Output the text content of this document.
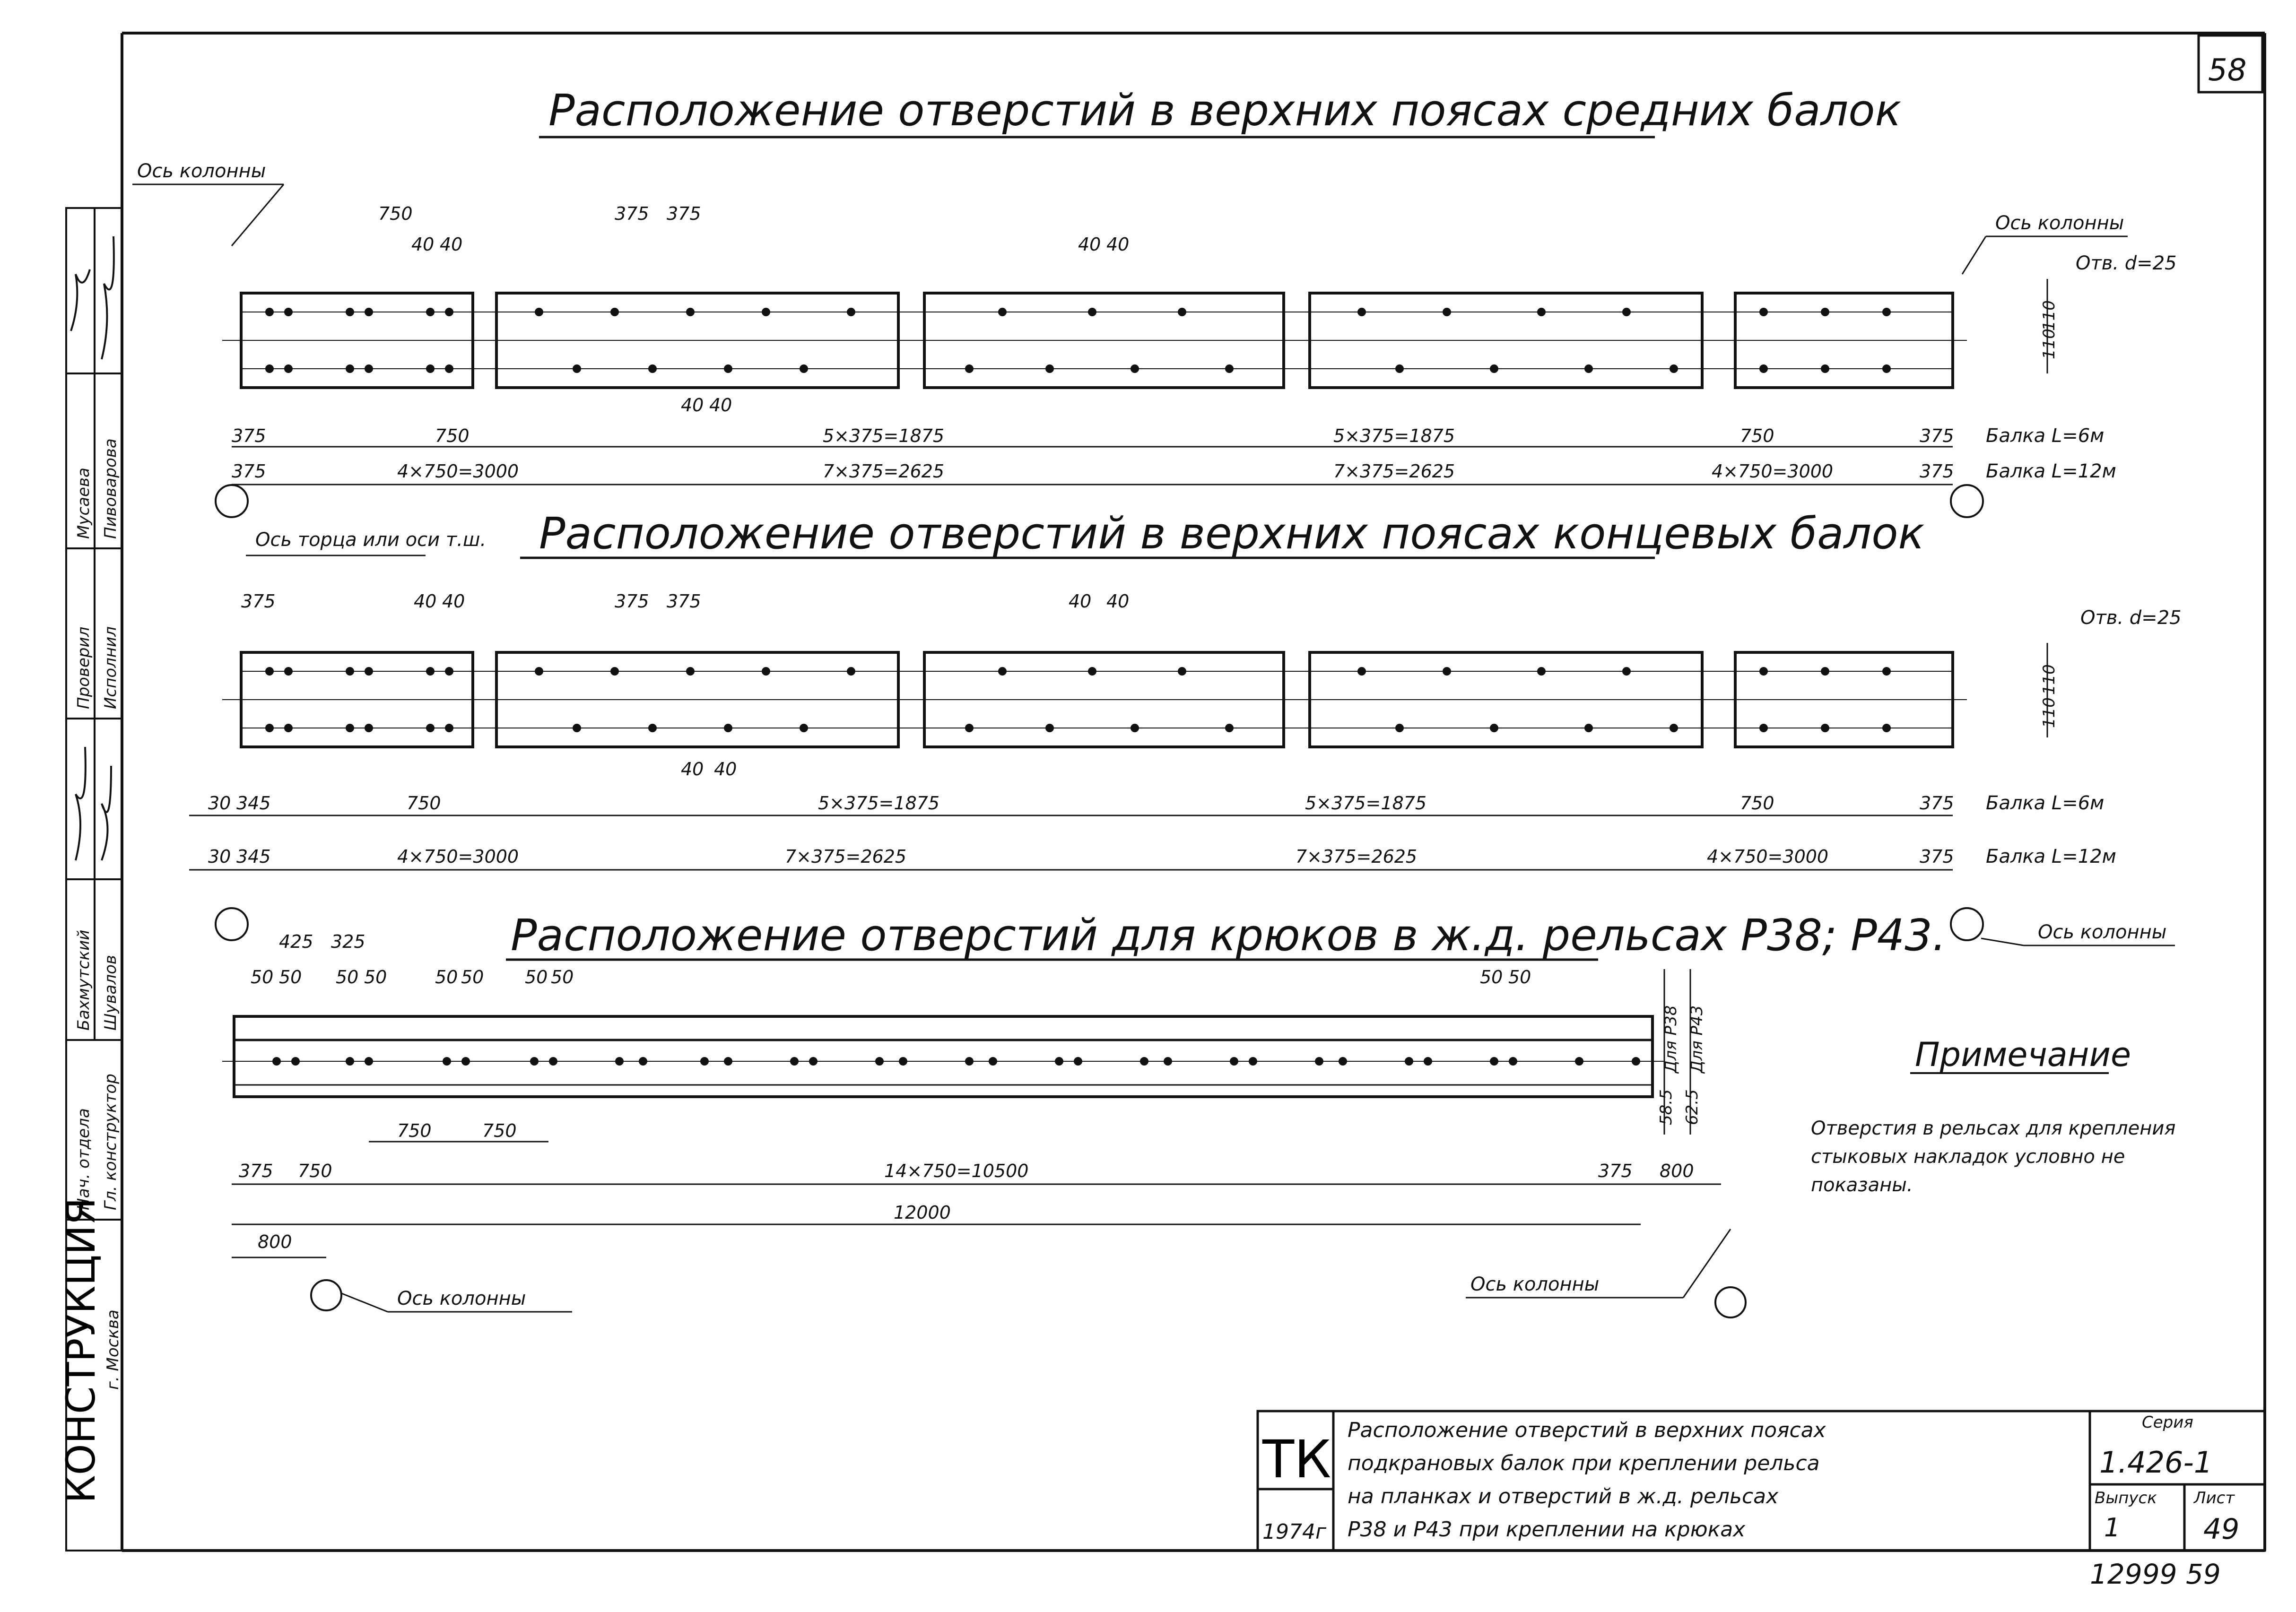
58
Нач. отдела Гл. конструктор
Бахмутский Шувалов
Проверил Исполнил
Мусаева Пивоварова
КОНСТРУКЦИЯ г. Москва
Расположение отверстий в верхних поясах средних балок
Ось колонны
Ось колонны
Отв. d=25
750
40 40
375 375
40 40
40 40
110
110
375	750	5×375=1875	5×375=1875	750	375 Балка L=6м
375	4×750=3000	7×375=2625	7×375=2625	4×750=3000	375 Балка L=12м
Расположение отверстий в верхних поясах концевых балок
Ось торца или оси т.ш.
Отв. d=25
375	40 40	375 375	40 40
40 40
110
110
30 345	750	5×375=1875	5×375=1875	750	375 Балка L=6м
30 345	4×750=3000	7×375=2625	7×375=2625	4×750=3000	375 Балка L=12м
Ось колонны
Расположение отверстий для крюков в ж.д. рельсах Р38; Р43.
425 325
50 50 50 50	50 50 50 50	50 50
Для Р38 Для Р43
58.5 62.5
750	750
375 750	14×750=10500	375 800
12000
800
Ось колонны
Ось колонны
Примечание
Отверстия в рельсах для крепления
стыковых накладок условно не
показаны.
ТК
1974г
Расположение отверстий в верхних поясах
подкрановых балок при креплении рельса
на планках и отверстий в ж.д. рельсах
Р38 и Р43 при креплении на крюках
Серия
1.426-1
Выпуск
1
Лист
49
12999 59
